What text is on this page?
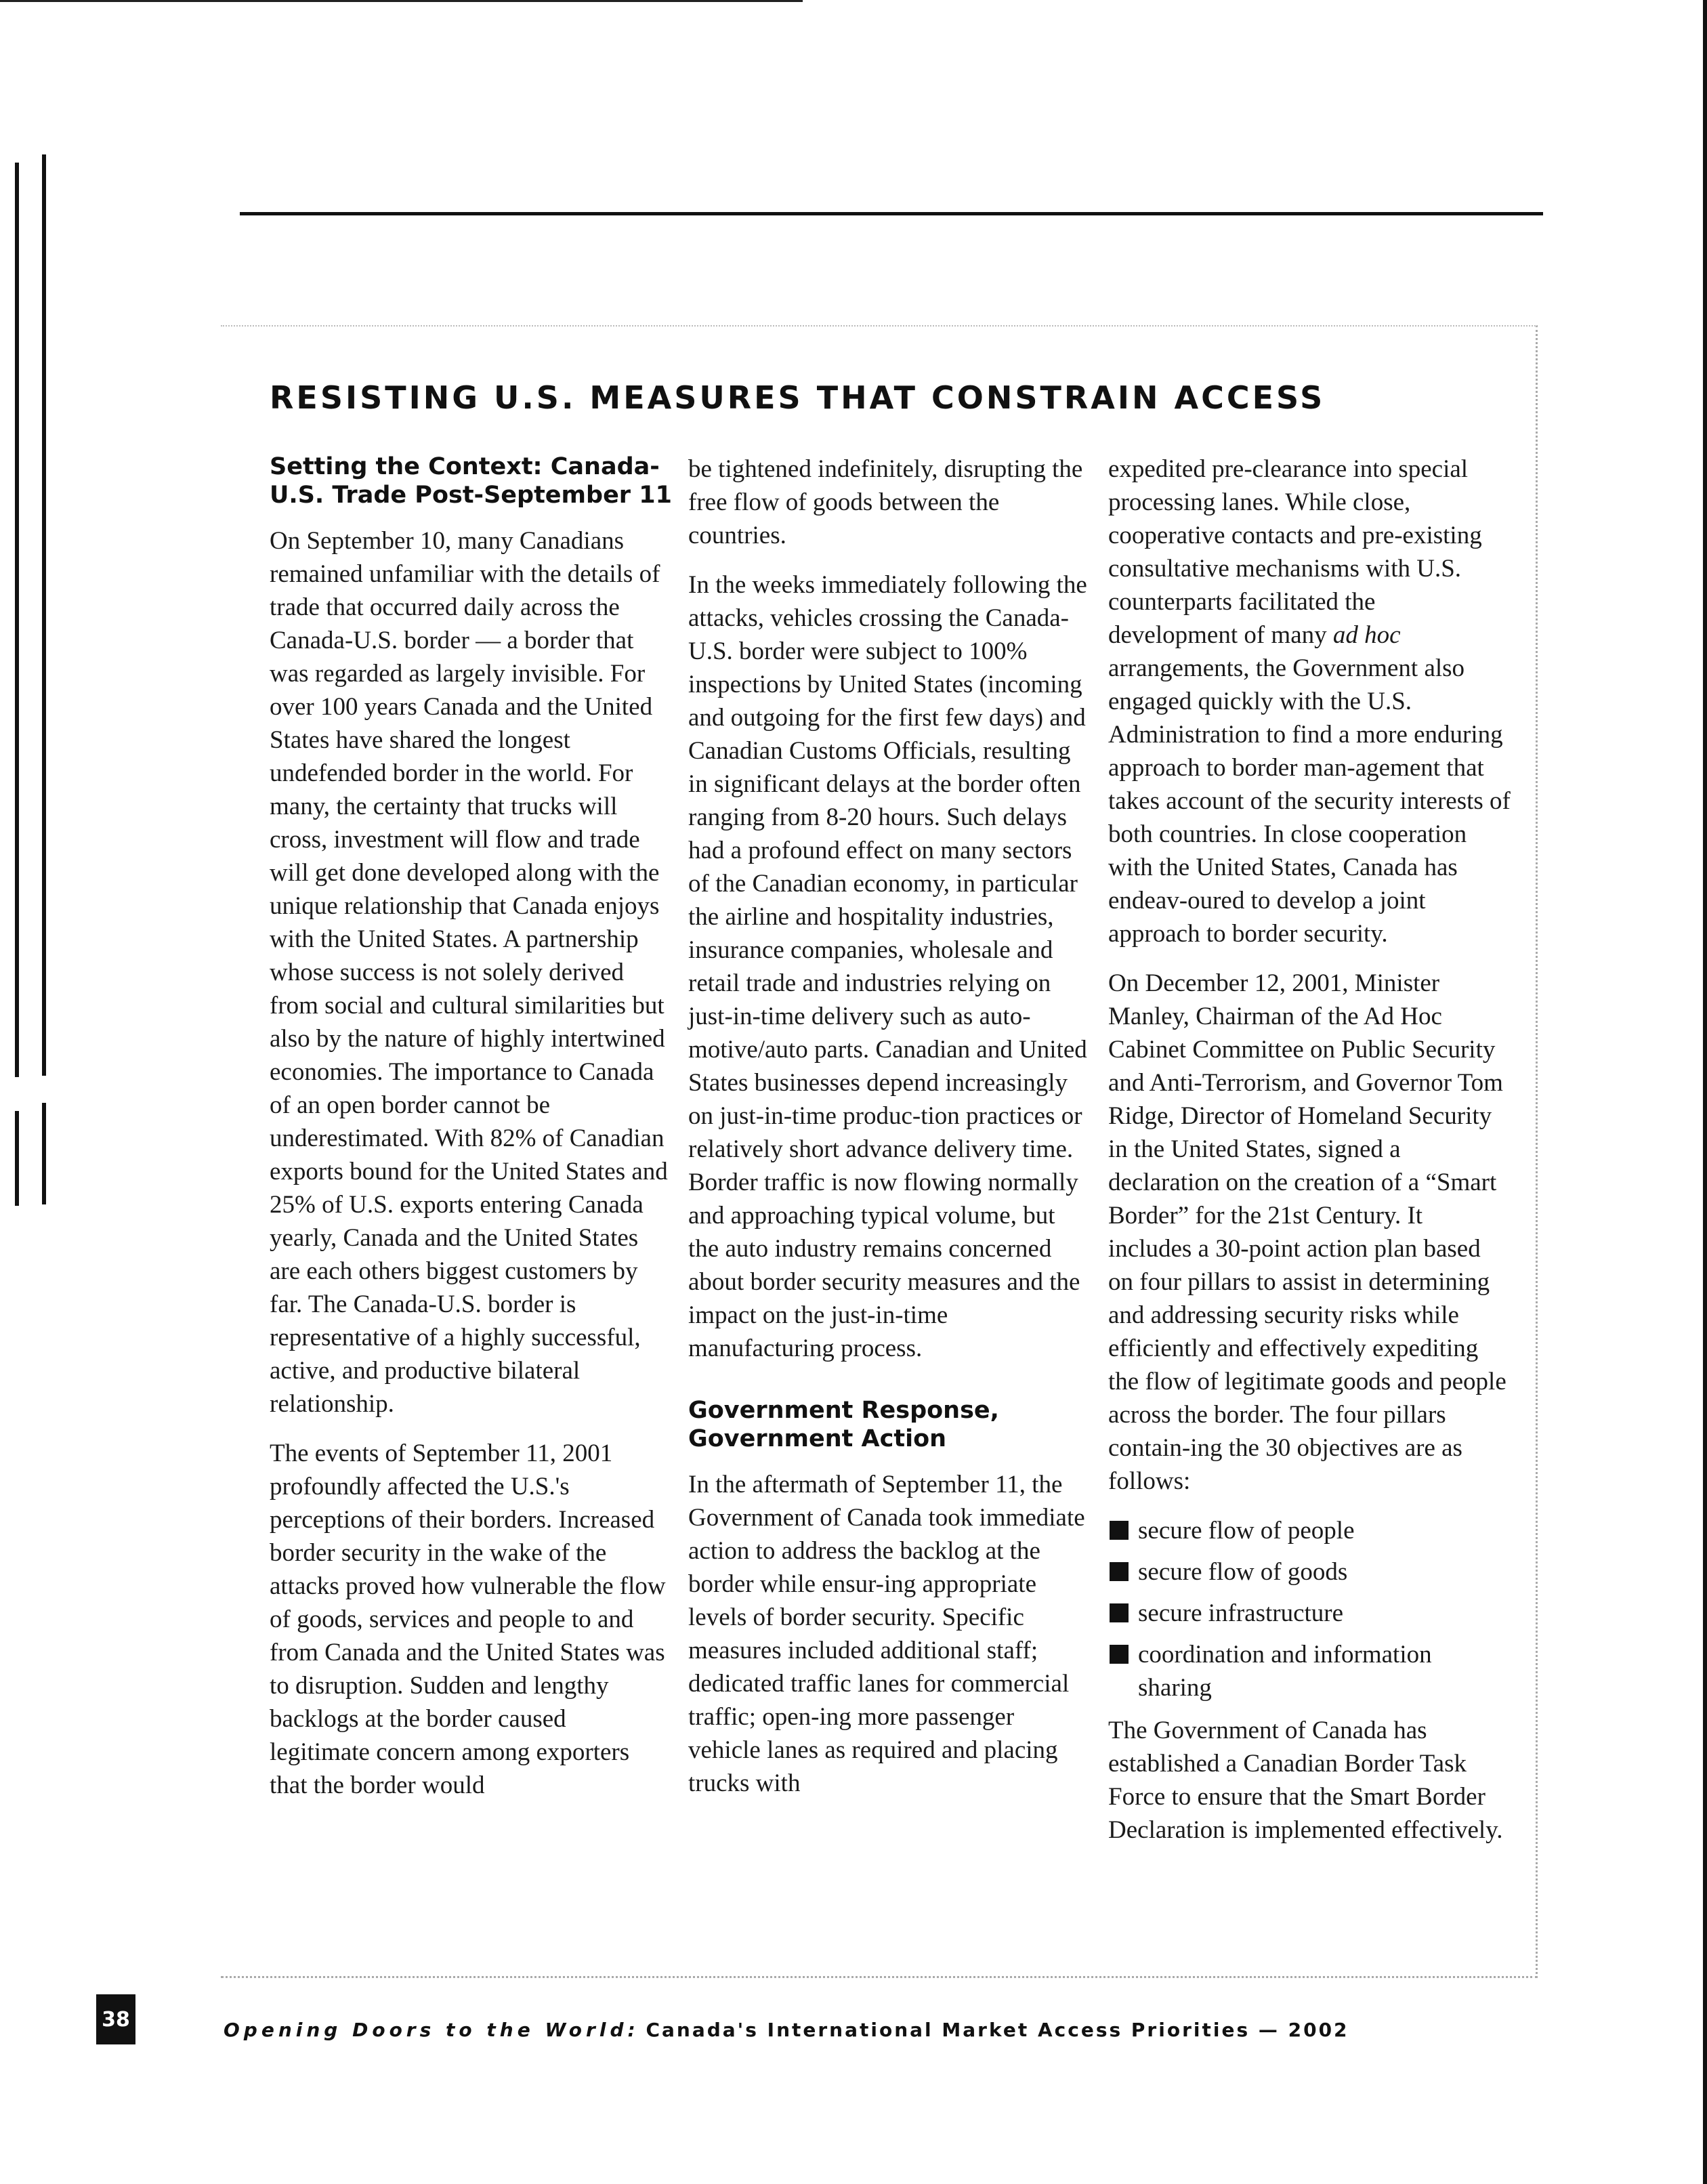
RESISTING U.S. MEASURES THAT CONSTRAIN ACCESS
Setting the Context: Canada-U.S. Trade Post-September 11

On September 10, many Canadians remained unfamiliar with the details of trade that occurred daily across the Canada-U.S. border — a border that was regarded as largely invisible. For over 100 years Canada and the United States have shared the longest undefended border in the world. For many, the certainty that trucks will cross, investment will flow and trade will get done developed along with the unique relationship that Canada enjoys with the United States. A partnership whose success is not solely derived from social and cultural similarities but also by the nature of highly intertwined economies. The importance to Canada of an open border cannot be underestimated. With 82% of Canadian exports bound for the United States and 25% of U.S. exports entering Canada yearly, Canada and the United States are each others biggest customers by far. The Canada-U.S. border is representative of a highly successful, active, and productive bilateral relationship.

The events of September 11, 2001 profoundly affected the U.S.'s perceptions of their borders. Increased border security in the wake of the attacks proved how vulnerable the flow of goods, services and people to and from Canada and the United States was to disruption. Sudden and lengthy backlogs at the border caused legitimate concern among exporters that the border would

be tightened indefinitely, disrupting the free flow of goods between the countries.

In the weeks immediately following the attacks, vehicles crossing the Canada-U.S. border were subject to 100% inspections by United States (incoming and outgoing for the first few days) and Canadian Customs Officials, resulting in significant delays at the border often ranging from 8-20 hours. Such delays had a profound effect on many sectors of the Canadian economy, in particular the airline and hospitality industries, insurance companies, wholesale and retail trade and industries relying on just-in-time delivery such as auto-motive/auto parts. Canadian and United States businesses depend increasingly on just-in-time produc-tion practices or relatively short advance delivery time. Border traffic is now flowing normally and approaching typical volume, but the auto industry remains concerned about border security measures and the impact on the just-in-time manufacturing process.

Government Response, Government Action

In the aftermath of September 11, the Government of Canada took immediate action to address the backlog at the border while ensur-ing appropriate levels of border security. Specific measures included additional staff; dedicated traffic lanes for commercial traffic; open-ing more passenger vehicle lanes as required and placing trucks with

expedited pre-clearance into special processing lanes. While close, cooperative contacts and pre-existing consultative mechanisms with U.S. counterparts facilitated the development of many ad hoc arrangements, the Government also engaged quickly with the U.S. Administration to find a more enduring approach to border man-agement that takes account of the security interests of both countries. In close cooperation with the United States, Canada has endeav-oured to develop a joint approach to border security.

On December 12, 2001, Minister Manley, Chairman of the Ad Hoc Cabinet Committee on Public Security and Anti-Terrorism, and Governor Tom Ridge, Director of Homeland Security in the United States, signed a declaration on the creation of a “Smart Border” for the 21st Century. It includes a 30-point action plan based on four pillars to assist in determining and addressing security risks while efficiently and effectively expediting the flow of legitimate goods and people across the border. The four pillars contain-ing the 30 objectives are as follows:

secure flow of people
secure flow of goods
secure infrastructure
coordination and information sharing

The Government of Canada has established a Canadian Border Task Force to ensure that the Smart Border Declaration is implemented effectively.

38	Opening Doors to the World: Canada's International Market Access Priorities — 2002
